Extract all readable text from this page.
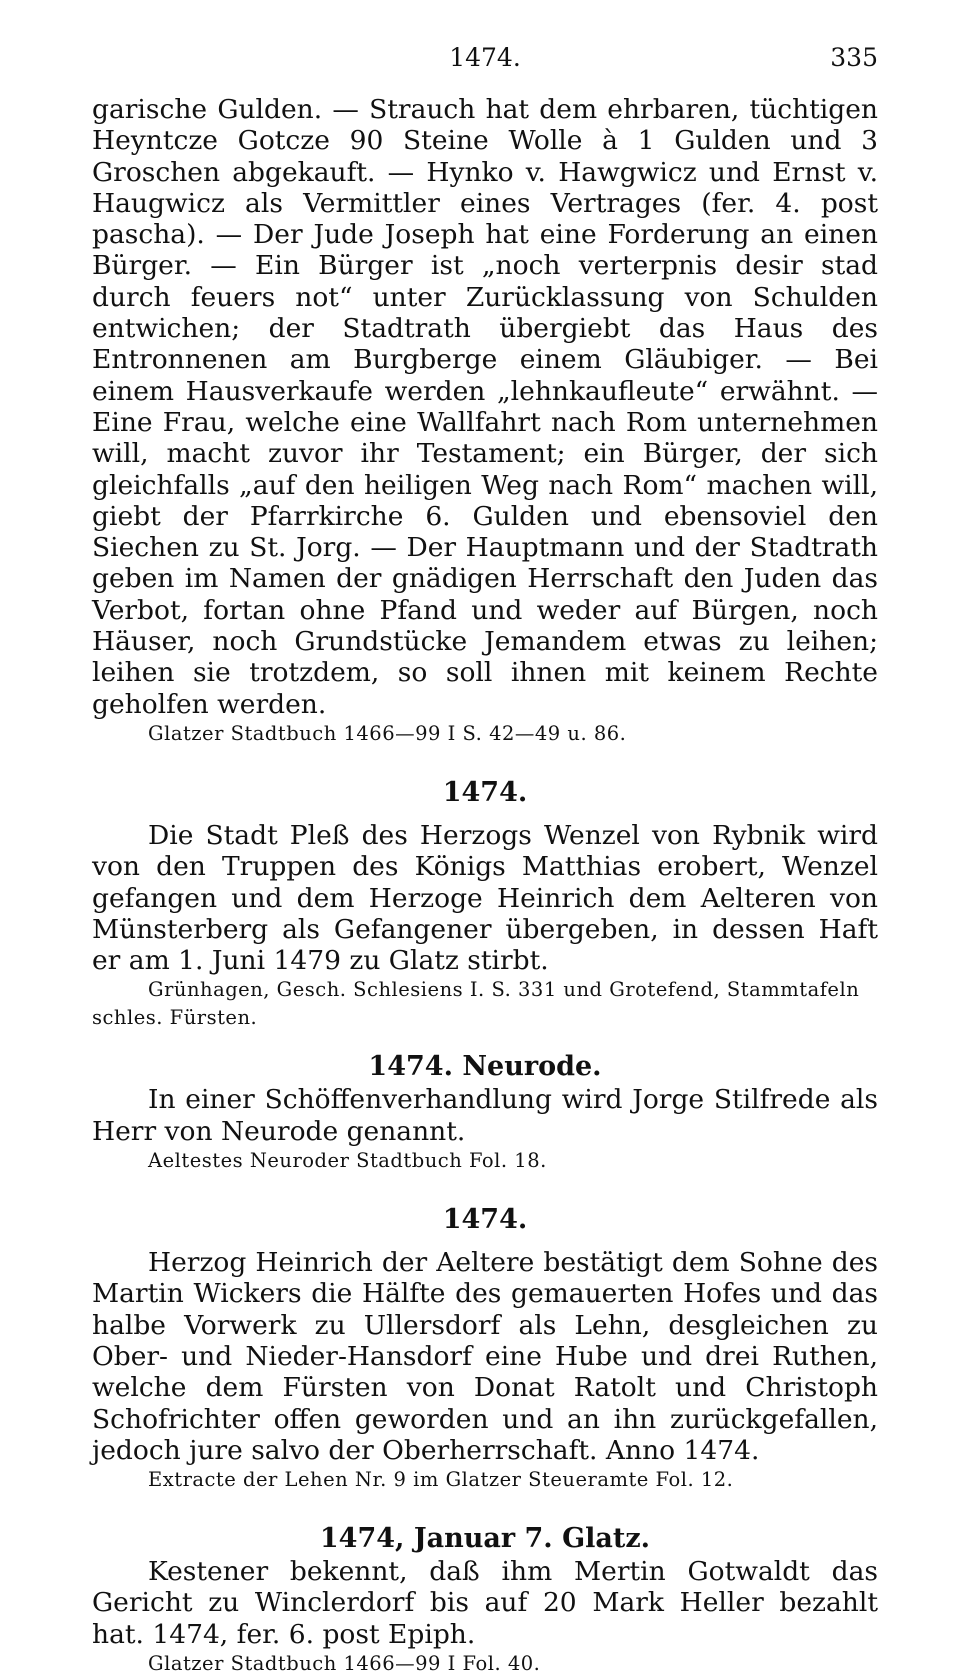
1474.	335

garische Gulden. — Strauch hat dem ehrbaren, tüchtigen Heyntcze Gotcze 90 Steine Wolle à 1 Gulden und 3 Groschen abgekauft. — Hynko v. Hawgwicz und Ernst v. Haugwicz als Vermittler eines Vertrages (fer. 4. post pascha). — Der Jude Joseph hat eine Forderung an einen Bürger. — Ein Bürger ist „noch verterpnis desir stad durch feuers not“ unter Zurücklassung von Schulden entwichen; der Stadtrath übergiebt das Haus des Entronnenen am Burgberge einem Gläubiger. — Bei einem Hausverkaufe werden „lehnkaufleute“ erwähnt. — Eine Frau, welche eine Wallfahrt nach Rom unternehmen will, macht zuvor ihr Testament; ein Bürger, der sich gleichfalls „auf den heiligen Weg nach Rom“ machen will, giebt der Pfarrkirche 6. Gulden und ebensoviel den Siechen zu St. Jorg. — Der Hauptmann und der Stadtrath geben im Namen der gnädigen Herrschaft den Juden das Verbot, fortan ohne Pfand und weder auf Bürgen, noch Häuser, noch Grundstücke Jemandem etwas zu leihen; leihen sie trotzdem, so soll ihnen mit keinem Rechte geholfen werden.

Glatzer Stadtbuch 1466—99 I S. 42—49 u. 86.

1474.

Die Stadt Pleß des Herzogs Wenzel von Rybnik wird von den Truppen des Königs Matthias erobert, Wenzel gefangen und dem Herzoge Heinrich dem Aelteren von Münsterberg als Gefangener übergeben, in dessen Haft er am 1. Juni 1479 zu Glatz stirbt.

Grünhagen, Gesch. Schlesiens I. S. 331 und Grotefend, Stammtafeln schles. Fürsten.

1474. Neurode.

In einer Schöffenverhandlung wird Jorge Stilfrede als Herr von Neurode genannt.

Aeltestes Neuroder Stadtbuch Fol. 18.

1474.

Herzog Heinrich der Aeltere bestätigt dem Sohne des Martin Wickers die Hälfte des gemauerten Hofes und das halbe Vorwerk zu Ullersdorf als Lehn, desgleichen zu Ober- und Nieder-Hansdorf eine Hube und drei Ruthen, welche dem Fürsten von Donat Ratolt und Christoph Schofrichter offen geworden und an ihn zurückgefallen, jedoch jure salvo der Oberherrschaft. Anno 1474.

Extracte der Lehen Nr. 9 im Glatzer Steueramte Fol. 12.

1474, Januar 7. Glatz.

Kestener bekennt, daß ihm Mertin Gotwaldt das Gericht zu Winclerdorf bis auf 20 Mark Heller bezahlt hat. 1474, fer. 6. post Epiph.

Glatzer Stadtbuch 1466—99 I Fol. 40.
